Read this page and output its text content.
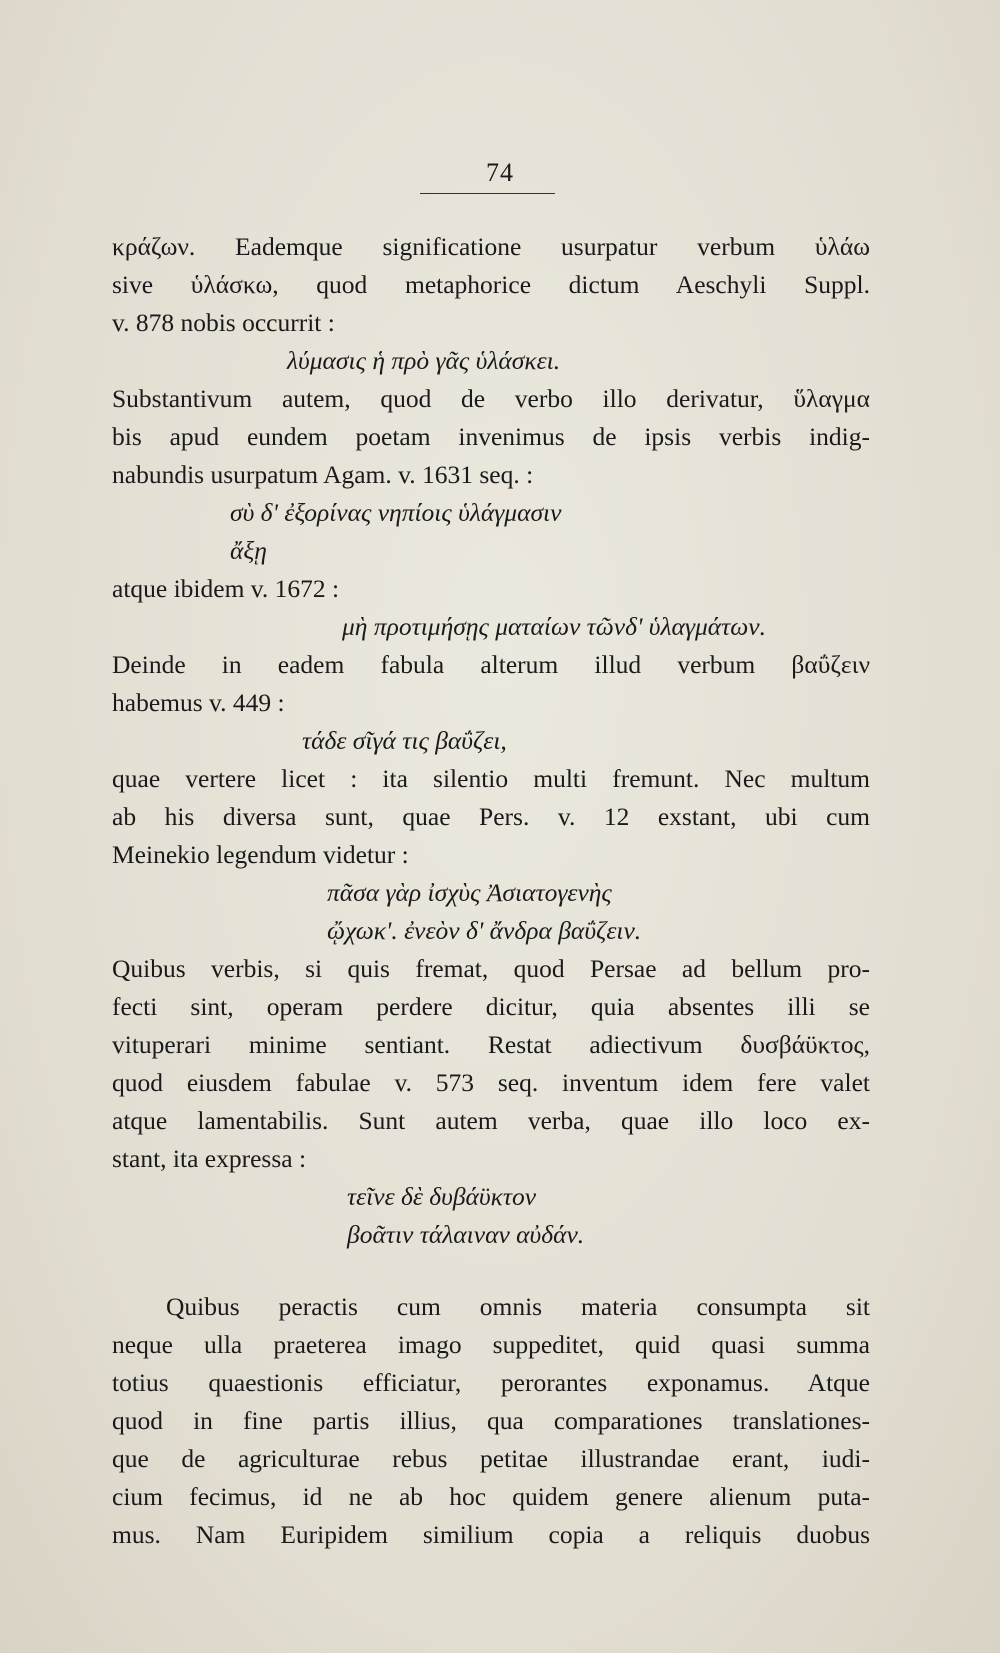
74
κράζων. Eademque significatione usurpatur verbum ὑλάω
sive ὑλάσκω, quod metaphorice dictum Aeschyli Suppl.
v. 878 nobis occurrit :
λύμασις ἡ πρὸ γᾶς ὑλάσκει.
Substantivum autem, quod de verbo illo derivatur, ὕλαγμα
bis apud eundem poetam invenimus de ipsis verbis indig-
nabundis usurpatum Agam. v. 1631 seq. :
σὺ δ' ἐξορίνας νηπίοις ὑλάγμασιν
ἄξῃ
atque ibidem v. 1672 :
μὴ προτιμήσῃς ματαίων τῶνδ' ὑλαγμάτων.
Deinde in eadem fabula alterum illud verbum βαΰζειν
habemus v. 449 :
τάδε σῖγά τις βαΰζει,
quae vertere licet : ita silentio multi fremunt. Nec multum
ab his diversa sunt, quae Pers. v. 12 exstant, ubi cum
Meinekio legendum videtur :
πᾶσα γὰρ ἰσχὺς Ἀσιατογενὴς
ᾤχωκ'. ἐνεὸν δ' ἄνδρα βαΰζειν.
Quibus verbis, si quis fremat, quod Persae ad bellum pro-
fecti sint, operam perdere dicitur, quia absentes illi se
vituperari minime sentiant. Restat adiectivum δυσβάϋκτος,
quod eiusdem fabulae v. 573 seq. inventum idem fere valet
atque lamentabilis. Sunt autem verba, quae illo loco ex-
stant, ita expressa :
τεῖνε δὲ δυβάϋκτον
βοᾶτιν τάλαιναν αὐδάν.
Quibus peractis cum omnis materia consumpta sit
neque ulla praeterea imago suppeditet, quid quasi summa
totius quaestionis efficiatur, perorantes exponamus. Atque
quod in fine partis illius, qua comparationes translationes-
que de agriculturae rebus petitae illustrandae erant, iudi-
cium fecimus, id ne ab hoc quidem genere alienum puta-
mus. Nam Euripidem similium copia a reliquis duobus
